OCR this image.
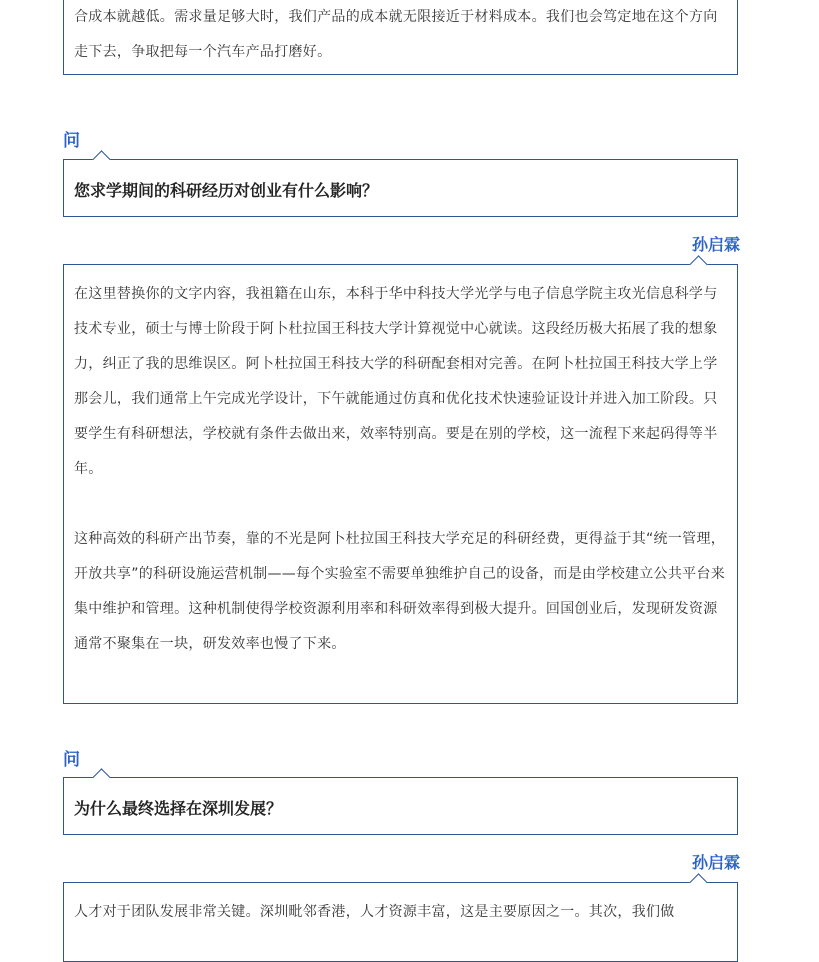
合成本就越低。需求量足够大时，我们产品的成本就无限接近于材料成本。我们也会笃定地在这个方向走下去，争取把每一个汽车产品打磨好。

问
您求学期间的科研经历对创业有什么影响？
孙启霖

在这里替换你的文字内容，我祖籍在山东，本科于华中科技大学光学与电子信息学院主攻光信息科学与技术专业，硕士与博士阶段于阿卜杜拉国王科技大学计算视觉中心就读。这段经历极大拓展了我的想象力，纠正了我的思维误区。阿卜杜拉国王科技大学的科研配套相对完善。在阿卜杜拉国王科技大学上学那会儿，我们通常上午完成光学设计，下午就能通过仿真和优化技术快速验证设计并进入加工阶段。只要学生有科研想法，学校就有条件去做出来，效率特别高。要是在别的学校，这一流程下来起码得等半年。

这种高效的科研产出节奏，靠的不光是阿卜杜拉国王科技大学充足的科研经费，更得益于其“统一管理，开放共享”的科研设施运营机制——每个实验室不需要单独维护自己的设备，而是由学校建立公共平台来集中维护和管理。这种机制使得学校资源利用率和科研效率得到极大提升。回国创业后，发现研发资源通常不聚集在一块，研发效率也慢了下来。

问
为什么最终选择在深圳发展？
孙启霖

人才对于团队发展非常关键。深圳毗邻香港，人才资源丰富，这是主要原因之一。其次，我们做
